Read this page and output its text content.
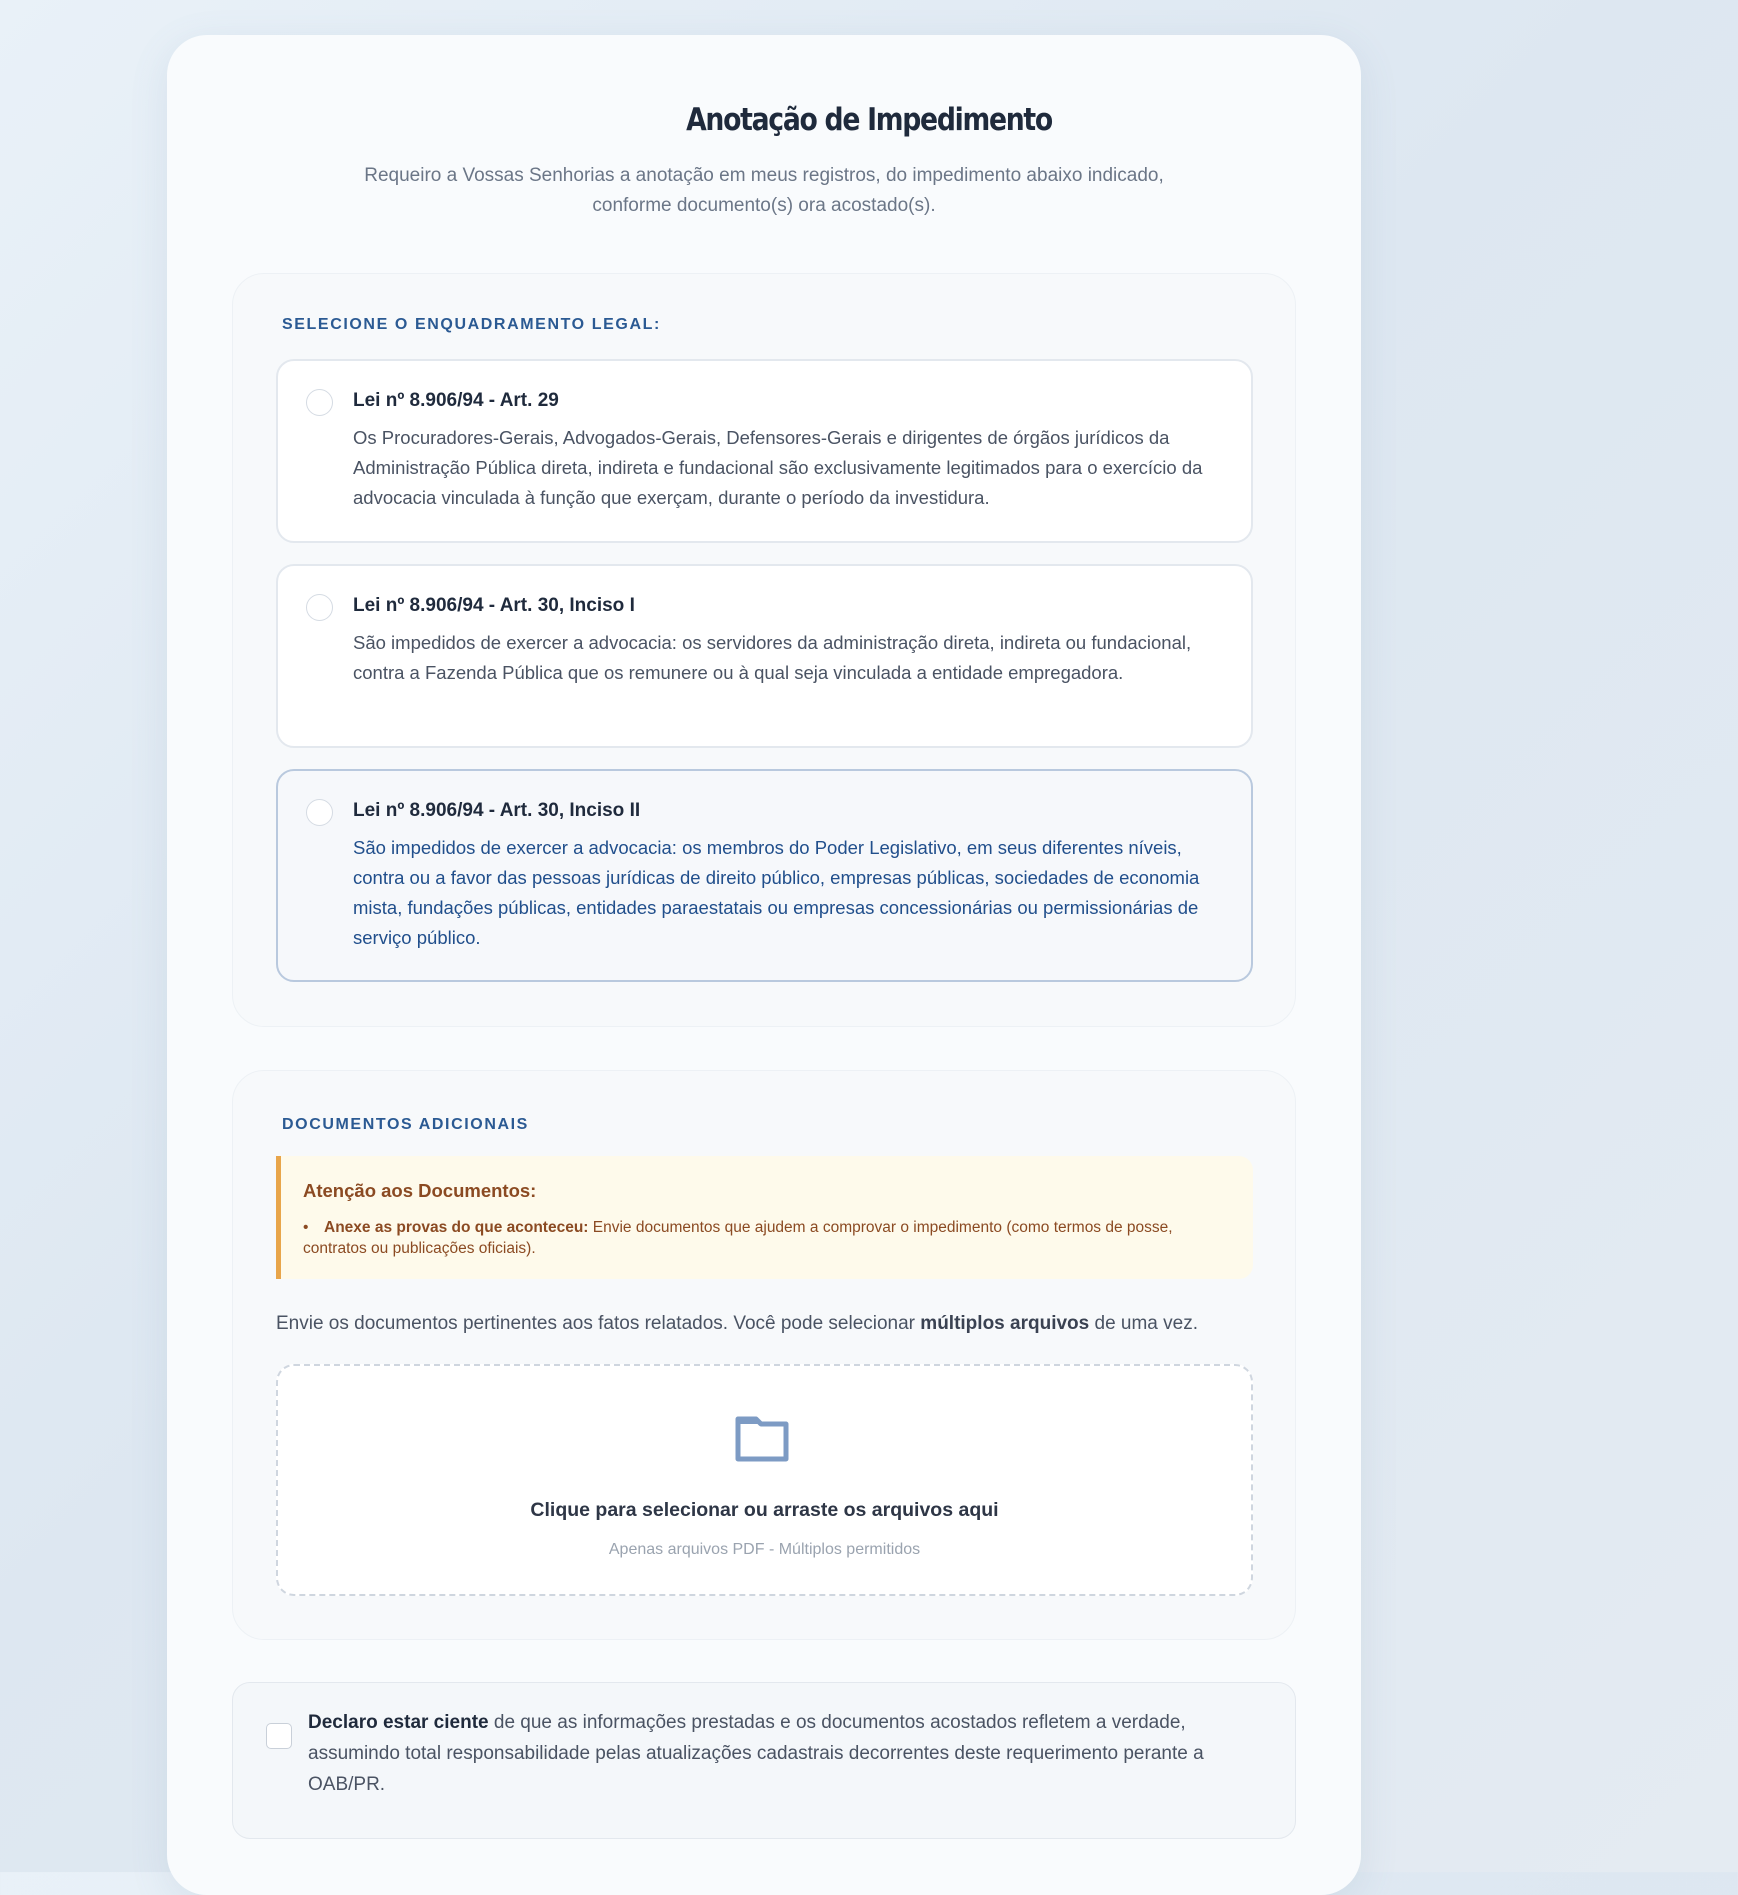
Anotação de Impedimento

Requeiro a Vossas Senhorias a anotação em meus registros, do impedimento abaixo indicado, conforme documento(s) ora acostado(s).

SELECIONE O ENQUADRAMENTO LEGAL:
Lei nº 8.906/94 - Art. 29
Os Procuradores-Gerais, Advogados-Gerais, Defensores-Gerais e dirigentes de órgãos jurídicos da Administração Pública direta, indireta e fundacional são exclusivamente legitimados para o exercício da advocacia vinculada à função que exerçam, durante o período da investidura.
Lei nº 8.906/94 - Art. 30, Inciso I
São impedidos de exercer a advocacia: os servidores da administração direta, indireta ou fundacional, contra a Fazenda Pública que os remunere ou à qual seja vinculada a entidade empregadora.
Lei nº 8.906/94 - Art. 30, Inciso II
São impedidos de exercer a advocacia: os membros do Poder Legislativo, em seus diferentes níveis, contra ou a favor das pessoas jurídicas de direito público, empresas públicas, sociedades de economia mista, fundações públicas, entidades paraestatais ou empresas concessionárias ou permissionárias de serviço público.
DOCUMENTOS ADICIONAIS
Atenção aos Documentos:
• Anexe as provas do que aconteceu: Envie documentos que ajudem a comprovar o impedimento (como termos de posse, contratos ou publicações oficiais).

Envie os documentos pertinentes aos fatos relatados. Você pode selecionar múltiplos arquivos de uma vez.

Clique para selecionar ou arraste os arquivos aqui
Apenas arquivos PDF - Múltiplos permitidos

Declaro estar ciente de que as informações prestadas e os documentos acostados refletem a verdade, assumindo total responsabilidade pelas atualizações cadastrais decorrentes deste requerimento perante a OAB/PR.
